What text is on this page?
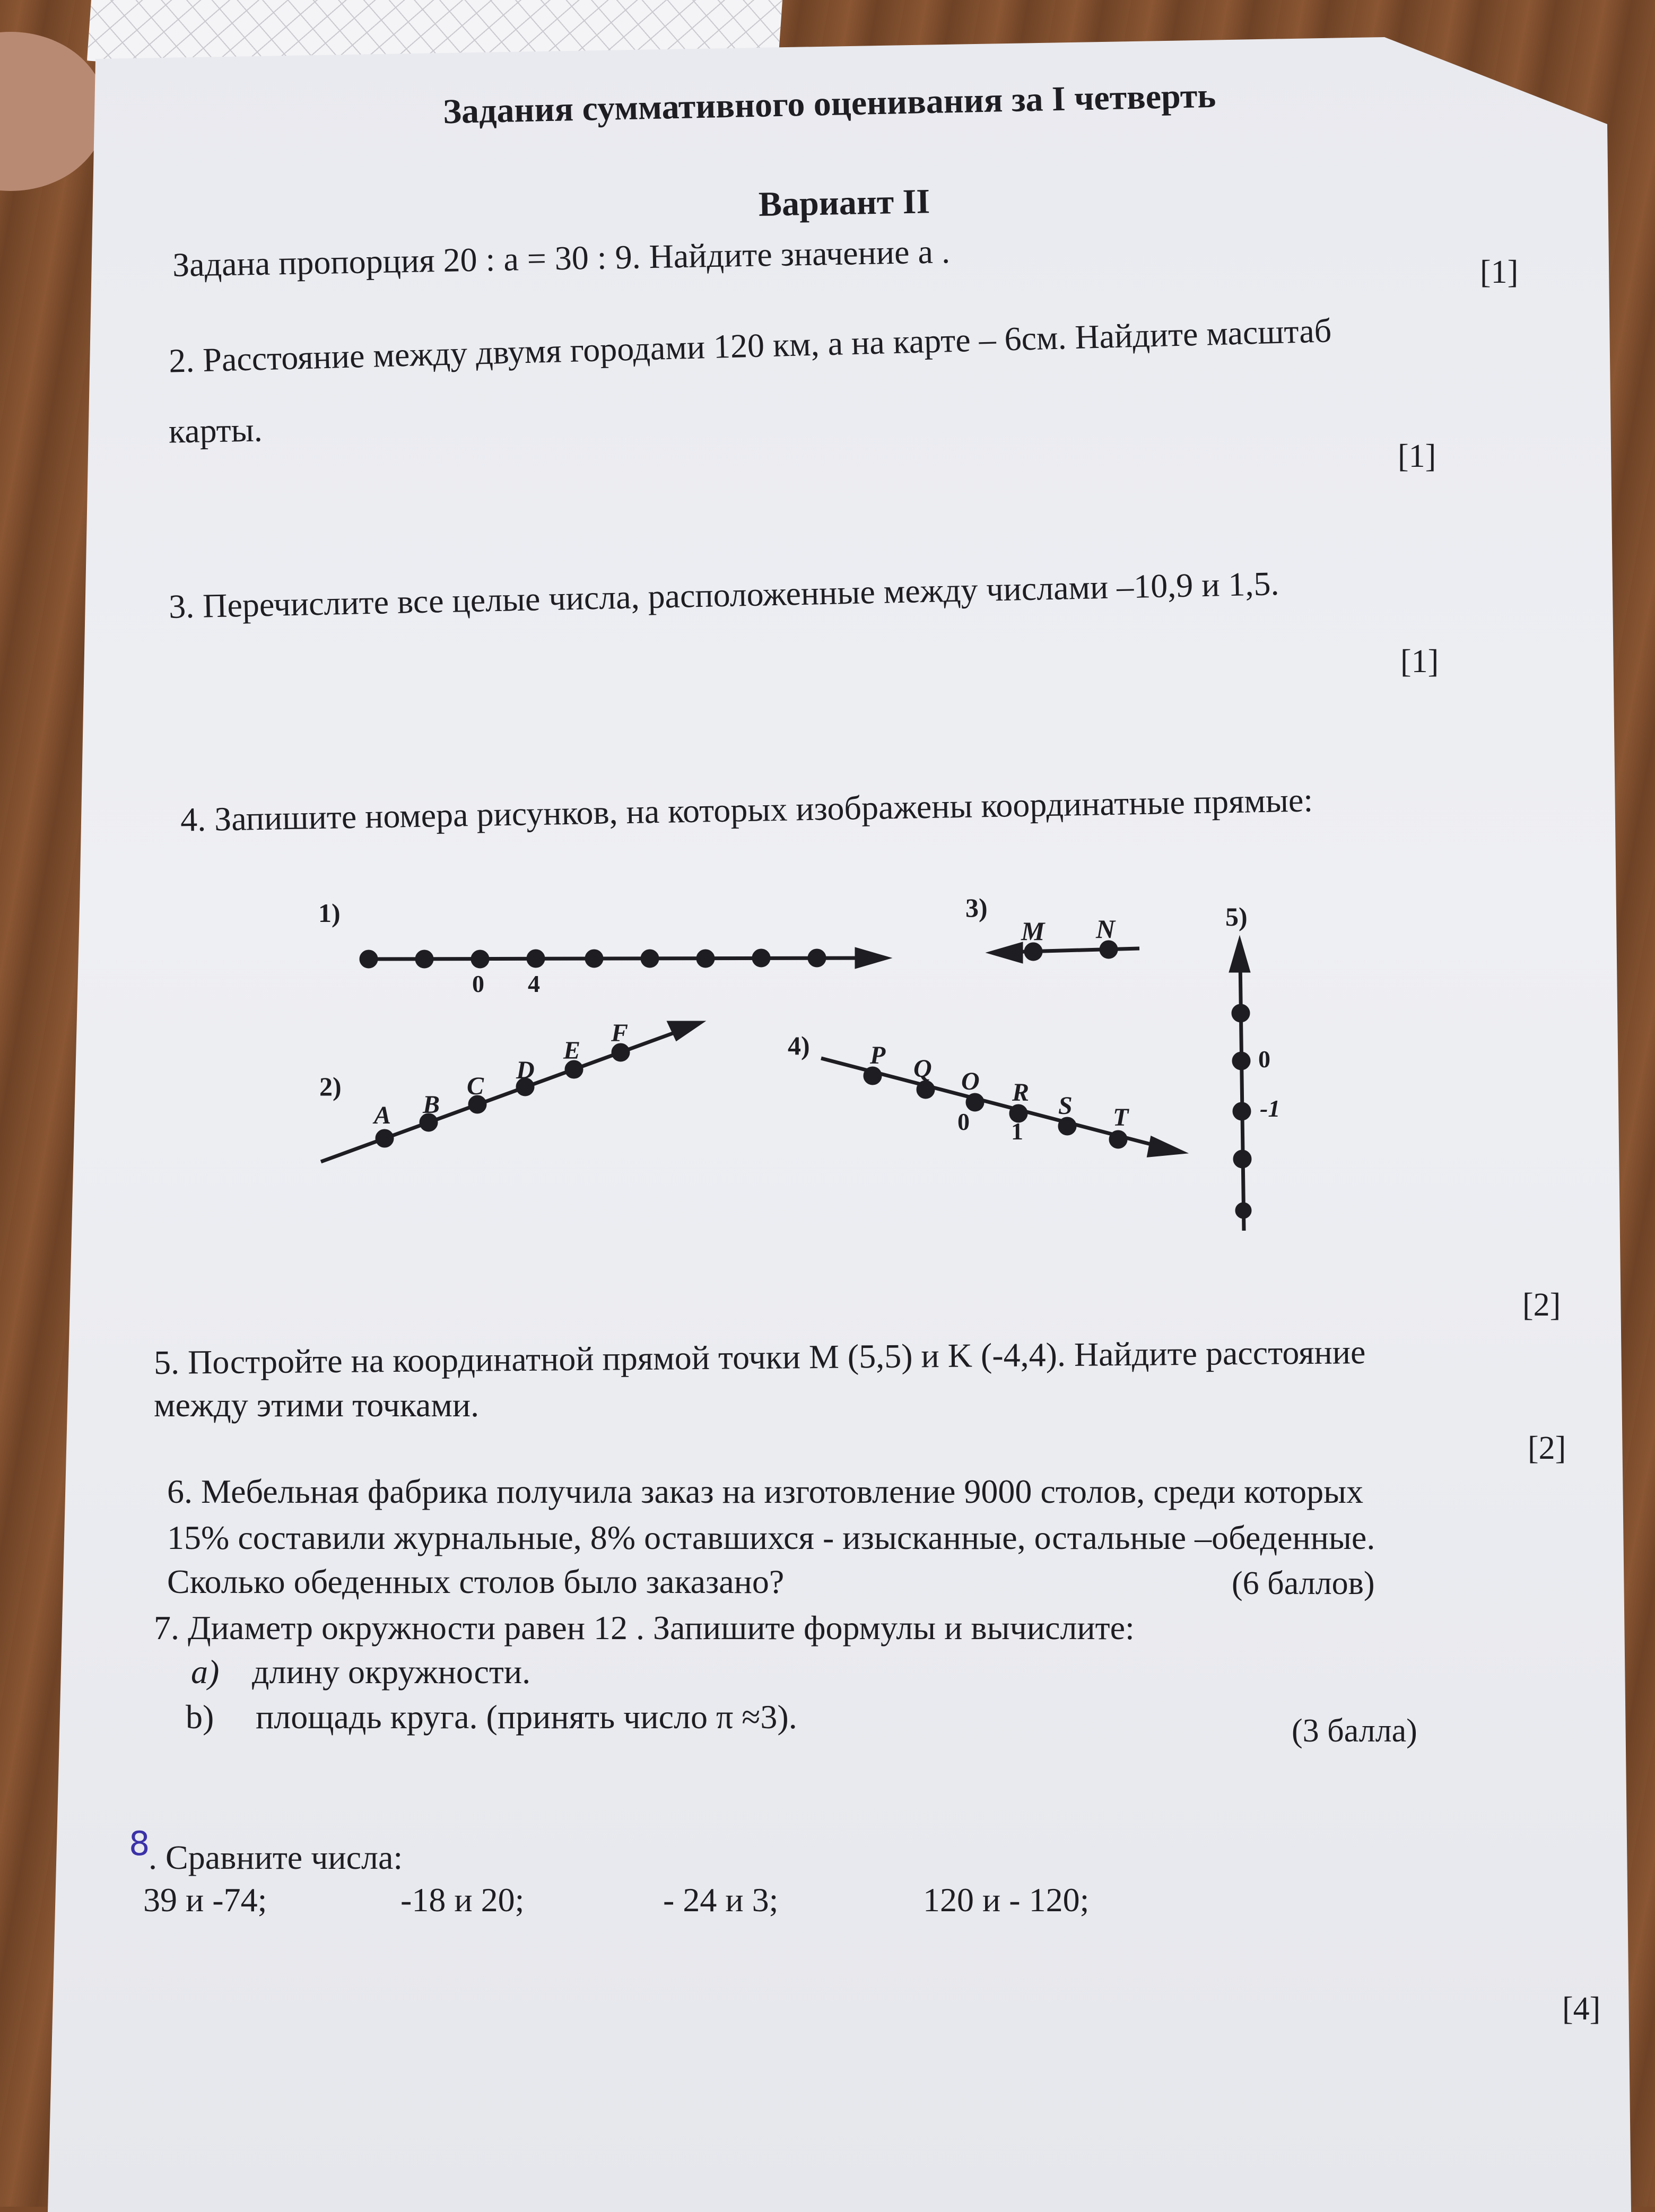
Задания суммативного оценивания за I четверть
Вариант II
Задана пропорция 20 : a = 30 : 9. Найдите значение а .	[1]
2. Расстояние между двумя городами 120 км, а на карте – 6см. Найдите масштаб
карты.
[1]
3. Перечислите все целые числа, расположенные между числами –10,9 и 1,5.
[1]
4. Запишите номера рисунков, на которых изображены координатные прямые:
1)
0 4
2)
A B
C
D
E
F
3)
M N
4) P Q O R S T
0 1
5)
0
-1
[2]
5. Постройте на координатной прямой точки М (5,5) и K (-4,4). Найдите расстояние
между этими точками.
[2]
6. Мебельная фабрика получила заказ на изготовление 9000 столов, среди которых
15% составили журнальные, 8% оставшихся - изысканные, остальные –обеденные.
Сколько обеденных столов было заказано?	(6 баллов)
7. Диаметр окружности равен 12 . Запишите формулы и вычислите:
a) длину окружности.
b) площадь круга. (принять число π ≈3).	(3 балла)
8
. Сравните числа:
39 и -74;	-18 и 20;	- 24 и 3;	120 и - 120;
[4]
